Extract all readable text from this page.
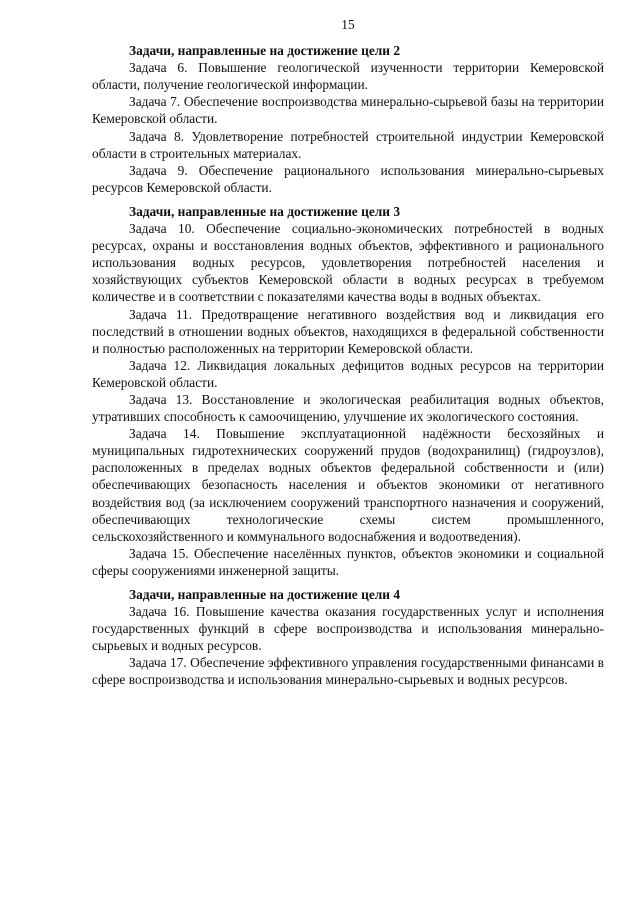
15
Задачи, направленные на достижение цели 2

Задача 6. Повышение геологической изученности территории Кемеровской области, получение геологической информации.

Задача 7. Обеспечение воспроизводства минерально-сырьевой базы на территории Кемеровской области.

Задача 8. Удовлетворение потребностей строительной индустрии Кемеровской области в строительных материалах.

Задача 9. Обеспечение рационального использования минерально-сырьевых ресурсов Кемеровской области.

Задачи, направленные на достижение цели 3

Задача 10. Обеспечение социально-экономических потребностей в водных ресурсах, охраны и восстановления водных объектов, эффективного и рационального использования водных ресурсов, удовлетворения потребностей населения и хозяйствующих субъектов Кемеровской области в водных ресурсах в требуемом количестве и в соответствии с показателями качества воды в водных объектах.

Задача 11. Предотвращение негативного воздействия вод и ликвидация его последствий в отношении водных объектов, находящихся в федеральной собственности и полностью расположенных на территории Кемеровской области.

Задача 12. Ликвидация локальных дефицитов водных ресурсов на территории Кемеровской области.

Задача 13. Восстановление и экологическая реабилитация водных объектов, утративших способность к самоочищению, улучшение их экологического состояния.

Задача 14. Повышение эксплуатационной надёжности бесхозяйных и муниципальных гидротехнических сооружений прудов (водохранилищ) (гидроузлов), расположенных в пределах водных объектов федеральной собственности и (или) обеспечивающих безопасность населения и объектов экономики от негативного воздействия вод (за исключением сооружений транспортного назначения и сооружений, обеспечивающих технологические схемы систем промышленного, сельскохозяйственного и коммунального водоснабжения и водоотведения).

Задача 15. Обеспечение населённых пунктов, объектов экономики и социальной сферы сооружениями инженерной защиты.

Задачи, направленные на достижение цели 4

Задача 16. Повышение качества оказания государственных услуг и исполнения государственных функций в сфере воспроизводства и использования минерально-сырьевых и водных ресурсов.

Задача 17. Обеспечение эффективного управления государственными финансами в сфере воспроизводства и использования минерально-сырьевых и водных ресурсов.
